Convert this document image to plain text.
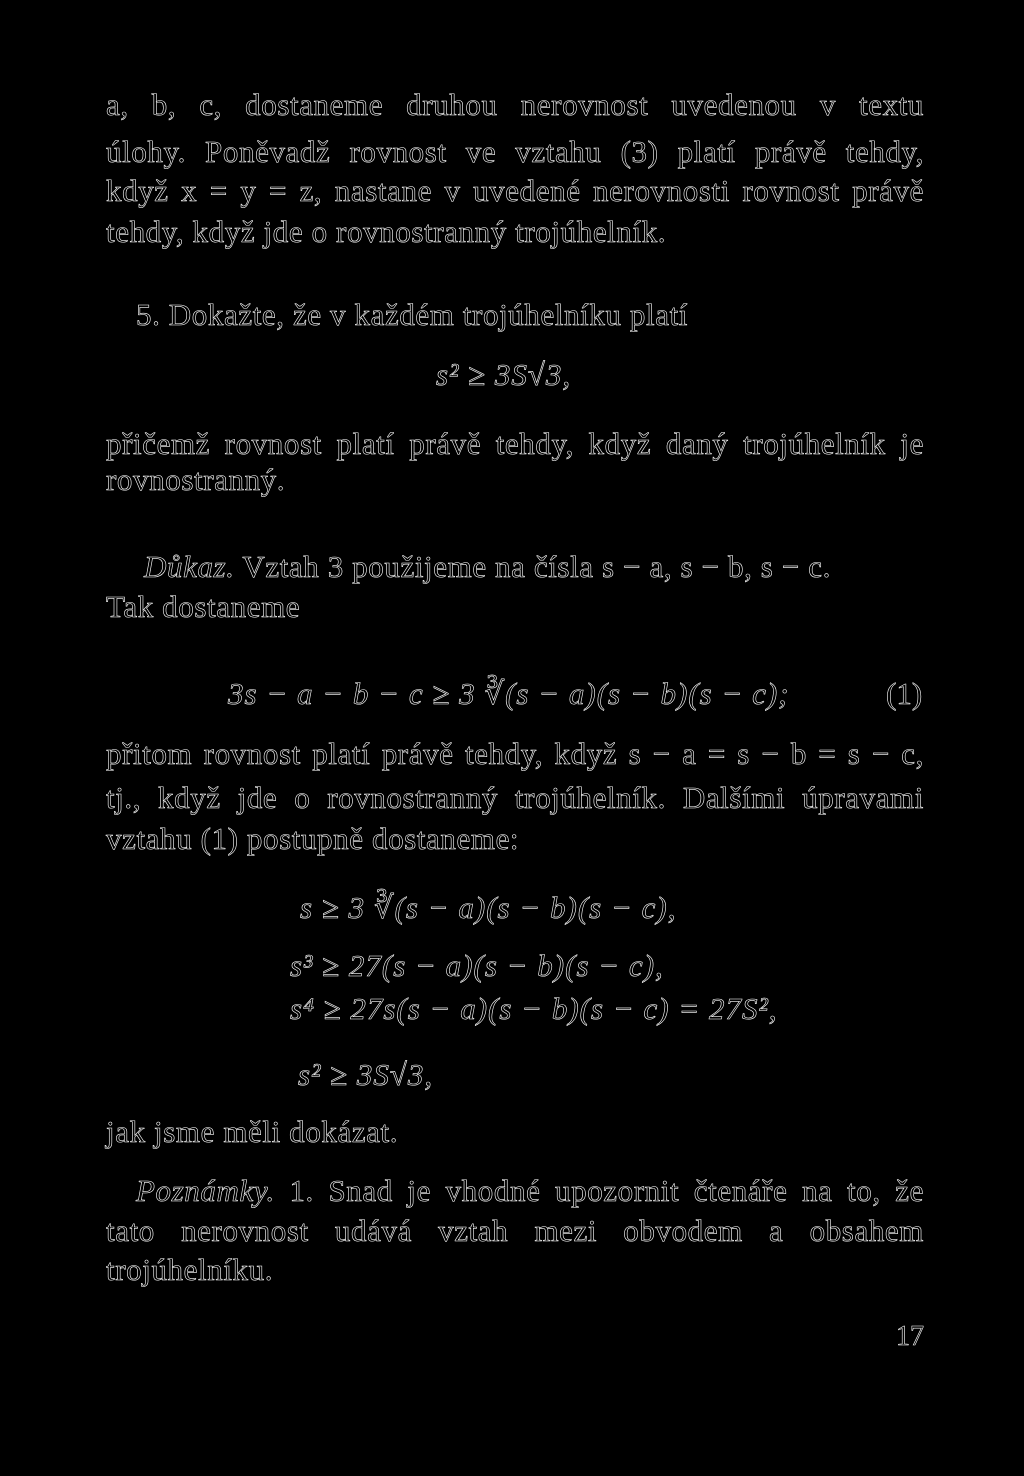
a, b, c, dostaneme druhou nerovnost uvedenou v textu
úlohy. Poněvadž rovnost ve vztahu (3) platí právě tehdy,
když x = y = z, nastane v uvedené nerovnosti rovnost právě
tehdy, když jde o rovnostranný trojúhelník.
5. Dokažte, že v každém trojúhelníku platí
s² ≥ 3S√3,
přičemž rovnost platí právě tehdy, když daný trojúhelník je
rovnostranný.
Důkaz. Vztah 3 použijeme na čísla s − a, s − b, s − c.
Tak dostaneme
3s − a − b − c ≥ 3 ∛(s − a)(s − b)(s − c);	(1)
přitom rovnost platí právě tehdy, když s − a = s − b = s − c,
tj., když jde o rovnostranný trojúhelník. Dalšími úpravami
vztahu (1) postupně dostaneme:
s ≥ 3 ∛(s − a)(s − b)(s − c),
s³ ≥ 27(s − a)(s − b)(s − c),
s⁴ ≥ 27s(s − a)(s − b)(s − c) = 27S²,
s² ≥ 3S√3,
jak jsme měli dokázat.
Poznámky. 1. Snad je vhodné upozornit čtenáře na to, že
tato nerovnost udává vztah mezi obvodem a obsahem
trojúhelníku.
17
